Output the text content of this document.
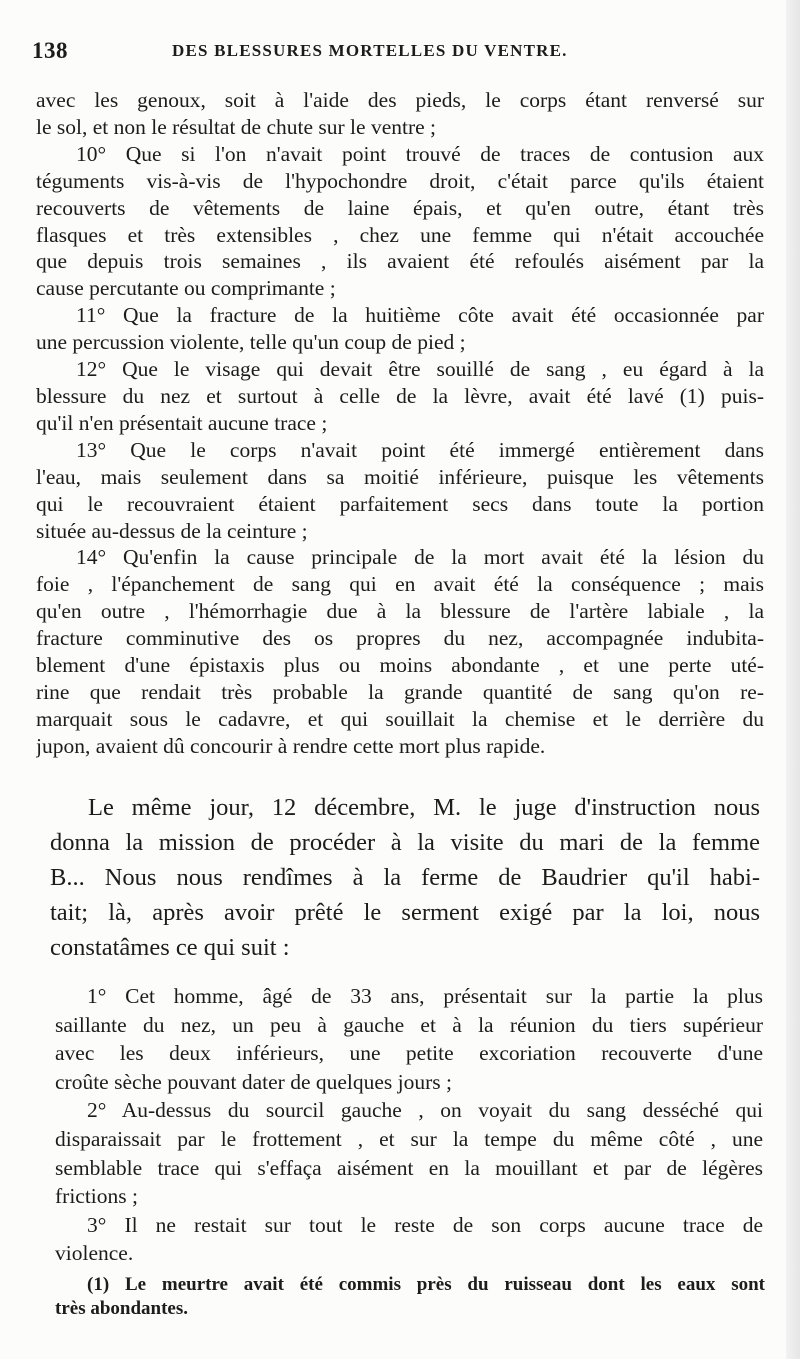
138	DES BLESSURES MORTELLES DU VENTRE.
avec les genoux, soit à l'aide des pieds, le corps étant renversé sur
le sol, et non le résultat de chute sur le ventre ;
10° Que si l'on n'avait point trouvé de traces de contusion aux
téguments vis-à-vis de l'hypochondre droit, c'était parce qu'ils étaient
recouverts de vêtements de laine épais, et qu'en outre, étant très
flasques et très extensibles , chez une femme qui n'était accouchée
que depuis trois semaines , ils avaient été refoulés aisément par la
cause percutante ou comprimante ;
11° Que la fracture de la huitième côte avait été occasionnée par
une percussion violente, telle qu'un coup de pied ;
12° Que le visage qui devait être souillé de sang , eu égard à la
blessure du nez et surtout à celle de la lèvre, avait été lavé (1) puis-
qu'il n'en présentait aucune trace ;
13° Que le corps n'avait point été immergé entièrement dans
l'eau, mais seulement dans sa moitié inférieure, puisque les vêtements
qui le recouvraient étaient parfaitement secs dans toute la portion
située au-dessus de la ceinture ;
14° Qu'enfin la cause principale de la mort avait été la lésion du
foie , l'épanchement de sang qui en avait été la conséquence ; mais
qu'en outre , l'hémorrhagie due à la blessure de l'artère labiale , la
fracture comminutive des os propres du nez, accompagnée indubita-
blement d'une épistaxis plus ou moins abondante , et une perte uté-
rine que rendait très probable la grande quantité de sang qu'on re-
marquait sous le cadavre, et qui souillait la chemise et le derrière du
jupon, avaient dû concourir à rendre cette mort plus rapide.
Le même jour, 12 décembre, M. le juge d'instruction nous
donna la mission de procéder à la visite du mari de la femme
B... Nous nous rendîmes à la ferme de Baudrier qu'il habi-
tait; là, après avoir prêté le serment exigé par la loi, nous
constatâmes ce qui suit :
1° Cet homme, âgé de 33 ans, présentait sur la partie la plus
saillante du nez, un peu à gauche et à la réunion du tiers supérieur
avec les deux inférieurs, une petite excoriation recouverte d'une
croûte sèche pouvant dater de quelques jours ;
2° Au-dessus du sourcil gauche , on voyait du sang desséché qui
disparaissait par le frottement , et sur la tempe du même côté , une
semblable trace qui s'effaça aisément en la mouillant et par de légères
frictions ;
3° Il ne restait sur tout le reste de son corps aucune trace de
violence.
(1) Le meurtre avait été commis près du ruisseau dont les eaux sont
très abondantes.
